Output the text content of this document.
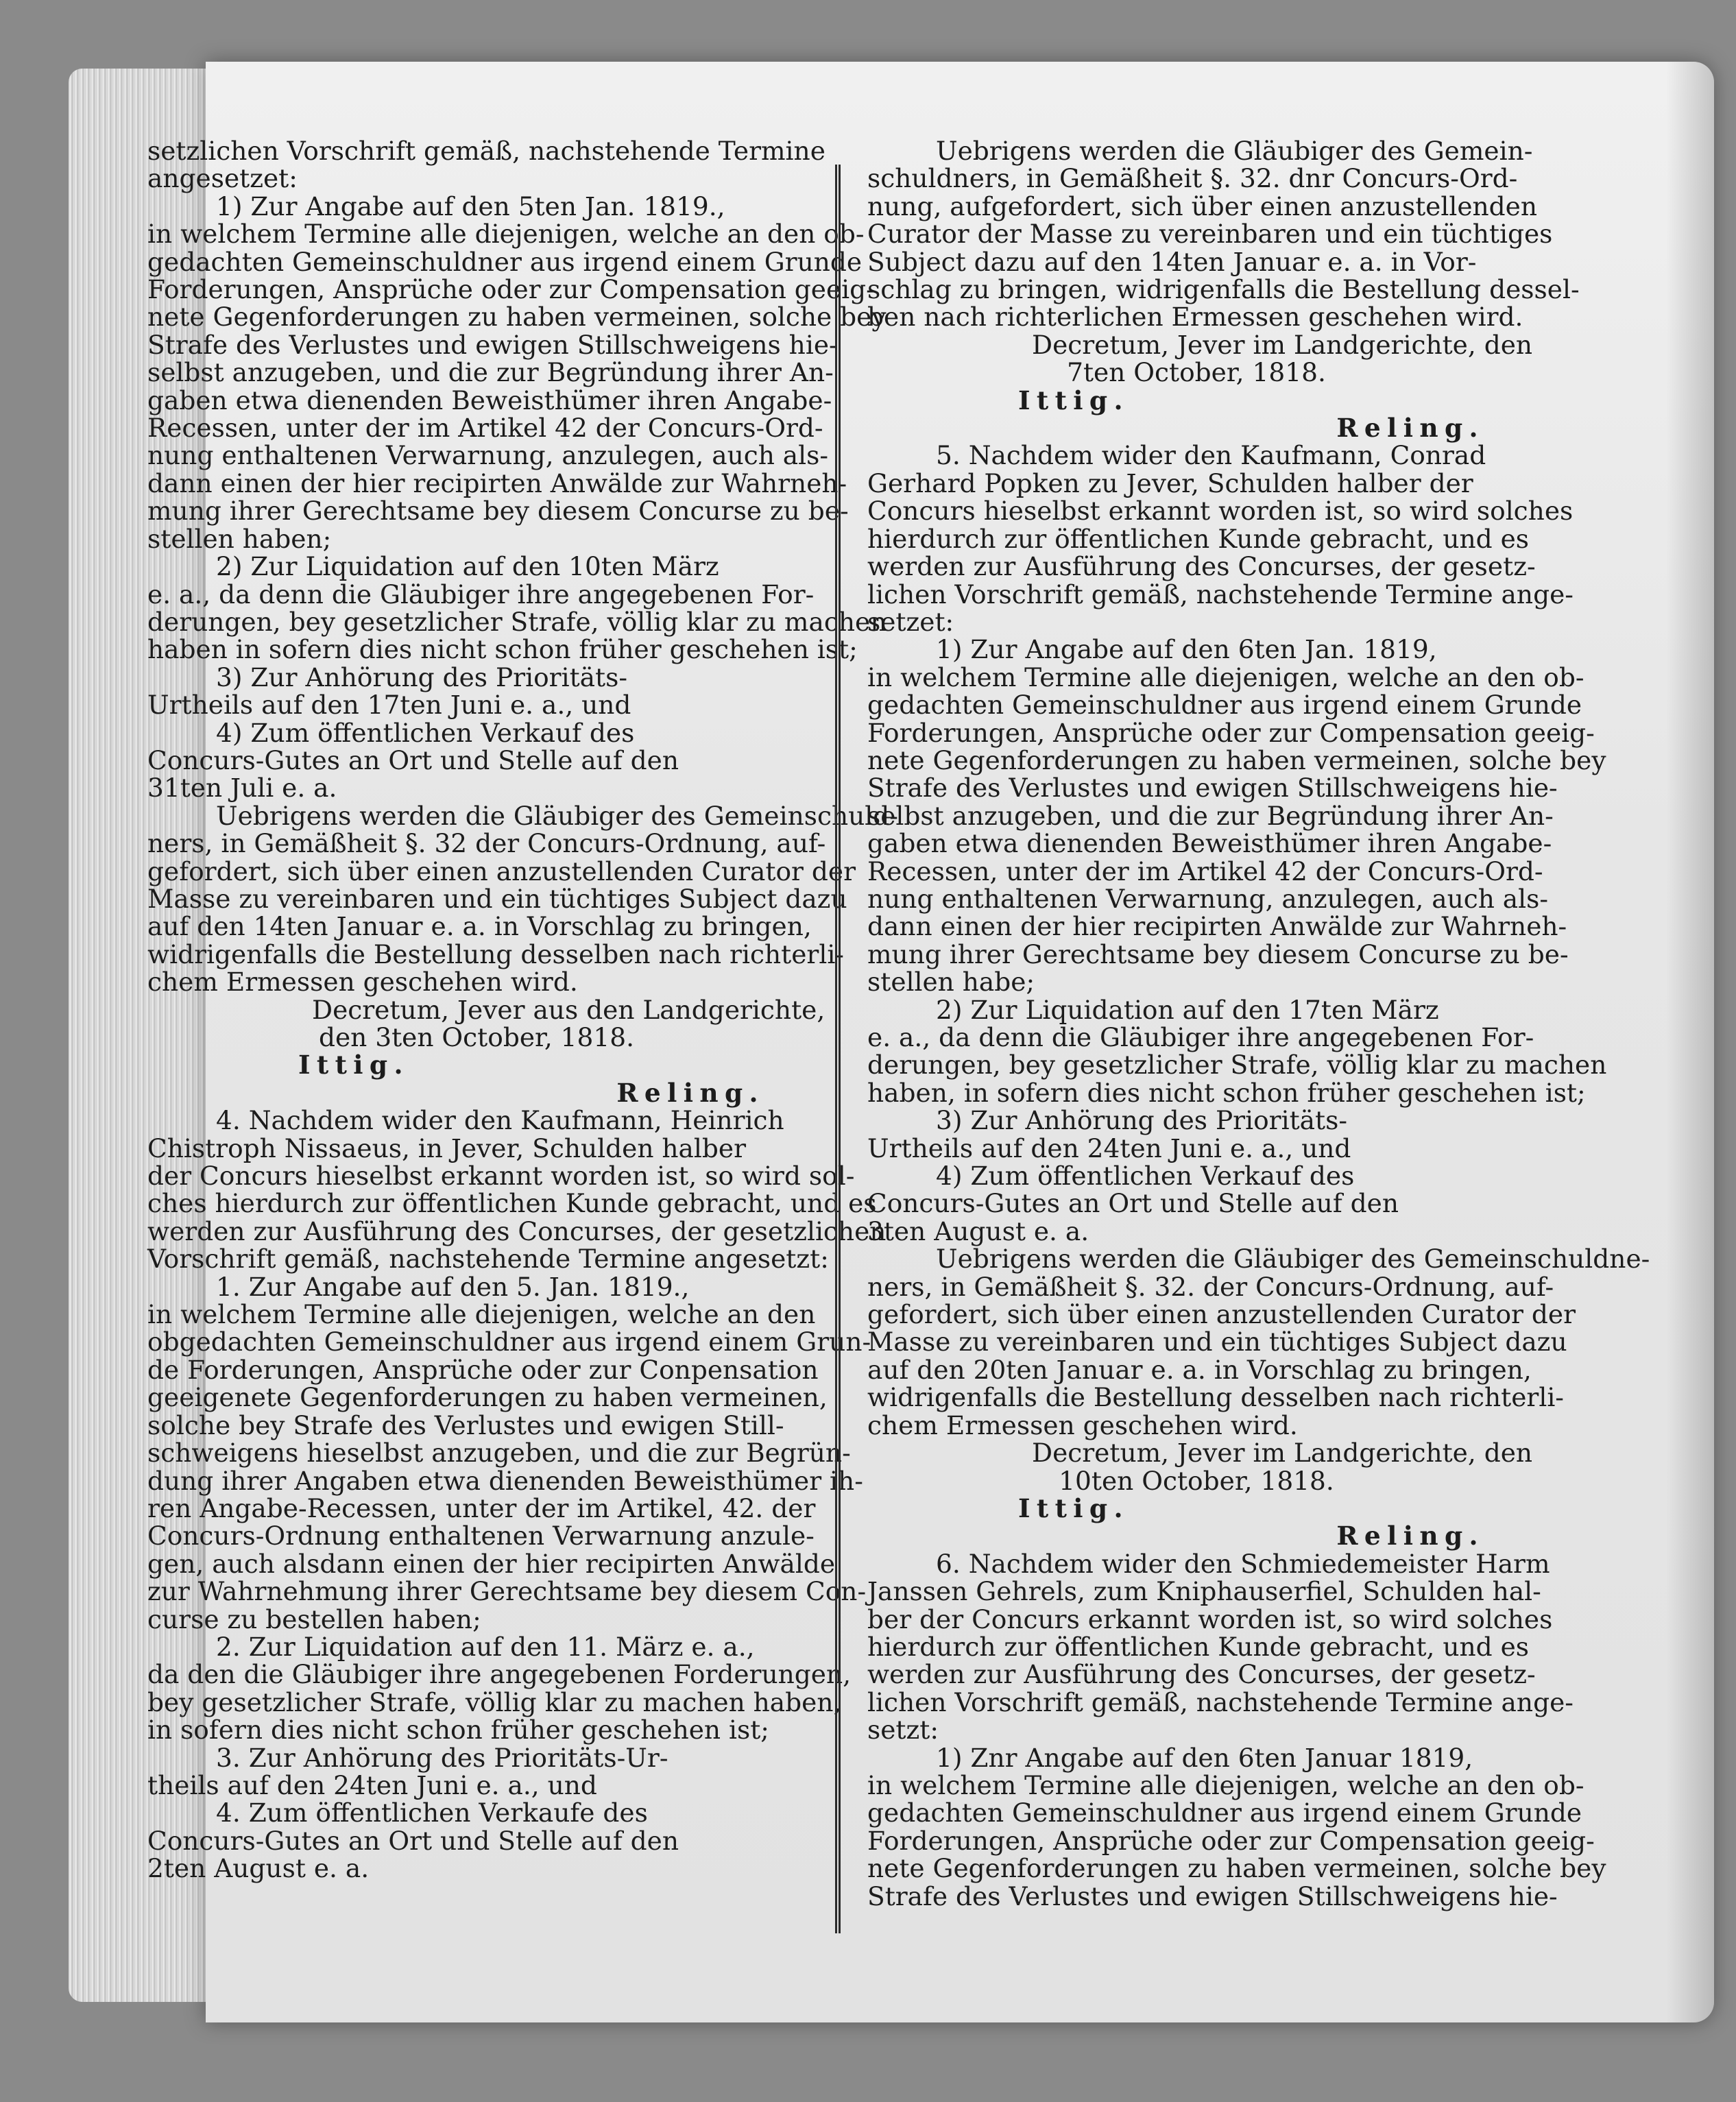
setzlichen Vorschrift gemäß, nachstehende Termine
angesetzet:
1) Zur Angabe auf den 5ten Jan. 1819.,
in welchem Termine alle diejenigen, welche an den ob-
gedachten Gemeinschuldner aus irgend einem Grunde
Forderungen, Ansprüche oder zur Compensation geeig-
nete Gegenforderungen zu haben vermeinen, solche bey
Strafe des Verlustes und ewigen Stillschweigens hie-
selbst anzugeben, und die zur Begründung ihrer An-
gaben etwa dienenden Beweisthümer ihren Angabe-
Recessen, unter der im Artikel 42 der Concurs-Ord-
nung enthaltenen Verwarnung, anzulegen, auch als-
dann einen der hier recipirten Anwälde zur Wahrneh-
mung ihrer Gerechtsame bey diesem Concurse zu be-
stellen haben;
2) Zur Liquidation auf den 10ten März
e. a., da denn die Gläubiger ihre angegebenen For-
derungen, bey gesetzlicher Strafe, völlig klar zu machen
haben in sofern dies nicht schon früher geschehen ist;
3) Zur Anhörung des Prioritäts-
Urtheils auf den 17ten Juni e. a., und
4) Zum öffentlichen Verkauf des
Concurs-Gutes an Ort und Stelle auf den
31ten Juli e. a.
Uebrigens werden die Gläubiger des Gemeinschuld-
ners, in Gemäßheit §. 32 der Concurs-Ordnung, auf-
gefordert, sich über einen anzustellenden Curator der
Masse zu vereinbaren und ein tüchtiges Subject dazu
auf den 14ten Januar e. a. in Vorschlag zu bringen,
widrigenfalls die Bestellung desselben nach richterli-
chem Ermessen geschehen wird.
Decretum, Jever aus den Landgerichte,
den 3ten October, 1818.
Ittig.
Reling.
4. Nachdem wider den Kaufmann, Heinrich
Chistroph Nissaeus, in Jever, Schulden halber
der Concurs hieselbst erkannt worden ist, so wird sol-
ches hierdurch zur öffentlichen Kunde gebracht, und es
werden zur Ausführung des Concurses, der gesetzlichen
Vorschrift gemäß, nachstehende Termine angesetzt:
1. Zur Angabe auf den 5. Jan. 1819.,
in welchem Termine alle diejenigen, welche an den
obgedachten Gemeinschuldner aus irgend einem Grun-
de Forderungen, Ansprüche oder zur Conpensation
geeigenete Gegenforderungen zu haben vermeinen,
solche bey Strafe des Verlustes und ewigen Still-
schweigens hieselbst anzugeben, und die zur Begrün-
dung ihrer Angaben etwa dienenden Beweisthümer ih-
ren Angabe-Recessen, unter der im Artikel, 42. der
Concurs-Ordnung enthaltenen Verwarnung anzule-
gen, auch alsdann einen der hier recipirten Anwälde
zur Wahrnehmung ihrer Gerechtsame bey diesem Con-
curse zu bestellen haben;
2. Zur Liquidation auf den 11. März e. a.,
da den die Gläubiger ihre angegebenen Forderungen,
bey gesetzlicher Strafe, völlig klar zu machen haben,
in sofern dies nicht schon früher geschehen ist;
3. Zur Anhörung des Prioritäts-Ur-
theils auf den 24ten Juni e. a., und
4. Zum öffentlichen Verkaufe des
Concurs-Gutes an Ort und Stelle auf den
2ten August e. a.
Uebrigens werden die Gläubiger des Gemein-
schuldners, in Gemäßheit §. 32. dnr Concurs-Ord-
nung, aufgefordert, sich über einen anzustellenden
Curator der Masse zu vereinbaren und ein tüchtiges
Subject dazu auf den 14ten Januar e. a. in Vor-
schlag zu bringen, widrigenfalls die Bestellung dessel-
ben nach richterlichen Ermessen geschehen wird.
Decretum, Jever im Landgerichte, den
7ten October, 1818.
Ittig.
Reling.
5. Nachdem wider den Kaufmann, Conrad
Gerhard Popken zu Jever, Schulden halber der
Concurs hieselbst erkannt worden ist, so wird solches
hierdurch zur öffentlichen Kunde gebracht, und es
werden zur Ausführung des Concurses, der gesetz-
lichen Vorschrift gemäß, nachstehende Termine ange-
setzet:
1) Zur Angabe auf den 6ten Jan. 1819,
in welchem Termine alle diejenigen, welche an den ob-
gedachten Gemeinschuldner aus irgend einem Grunde
Forderungen, Ansprüche oder zur Compensation geeig-
nete Gegenforderungen zu haben vermeinen, solche bey
Strafe des Verlustes und ewigen Stillschweigens hie-
selbst anzugeben, und die zur Begründung ihrer An-
gaben etwa dienenden Beweisthümer ihren Angabe-
Recessen, unter der im Artikel 42 der Concurs-Ord-
nung enthaltenen Verwarnung, anzulegen, auch als-
dann einen der hier recipirten Anwälde zur Wahrneh-
mung ihrer Gerechtsame bey diesem Concurse zu be-
stellen habe;
2) Zur Liquidation auf den 17ten März
e. a., da denn die Gläubiger ihre angegebenen For-
derungen, bey gesetzlicher Strafe, völlig klar zu machen
haben, in sofern dies nicht schon früher geschehen ist;
3) Zur Anhörung des Prioritäts-
Urtheils auf den 24ten Juni e. a., und
4) Zum öffentlichen Verkauf des
Concurs-Gutes an Ort und Stelle auf den
3ten August e. a.
Uebrigens werden die Gläubiger des Gemeinschuldne-
ners, in Gemäßheit §. 32. der Concurs-Ordnung, auf-
gefordert, sich über einen anzustellenden Curator der
Masse zu vereinbaren und ein tüchtiges Subject dazu
auf den 20ten Januar e. a. in Vorschlag zu bringen,
widrigenfalls die Bestellung desselben nach richterli-
chem Ermessen geschehen wird.
Decretum, Jever im Landgerichte, den
10ten October, 1818.
Ittig.
Reling.
6. Nachdem wider den Schmiedemeister Harm
Janssen Gehrels, zum Kniphauserfiel, Schulden hal-
ber der Concurs erkannt worden ist, so wird solches
hierdurch zur öffentlichen Kunde gebracht, und es
werden zur Ausführung des Concurses, der gesetz-
lichen Vorschrift gemäß, nachstehende Termine ange-
setzt:
1) Znr Angabe auf den 6ten Januar 1819,
in welchem Termine alle diejenigen, welche an den ob-
gedachten Gemeinschuldner aus irgend einem Grunde
Forderungen, Ansprüche oder zur Compensation geeig-
nete Gegenforderungen zu haben vermeinen, solche bey
Strafe des Verlustes und ewigen Stillschweigens hie-
